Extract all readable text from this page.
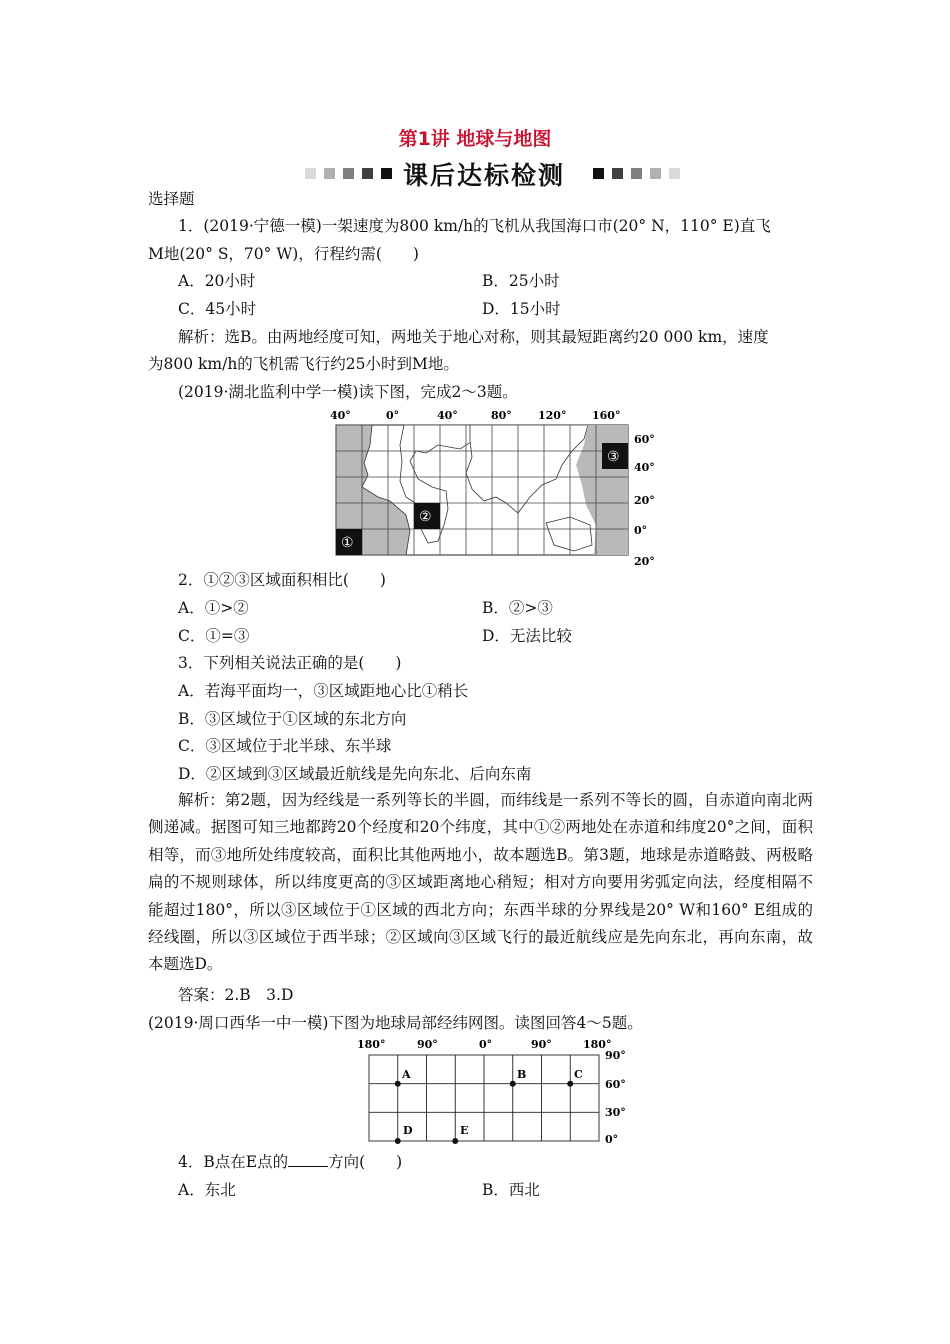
第1讲 地球与地图
课后达标检测
选择题
1．(2019·宁德一模)一架速度为800 km/h的飞机从我国海口市(20° N，110° E)直飞
M地(20° S，70° W)，行程约需(　　)
A．20小时	B．25小时
C．45小时	D．15小时
解析：选B。由两地经度可知，两地关于地心对称，则其最短距离约20 000 km，速度
为800 km/h的飞机需飞行约25小时到M地。
(2019·湖北监利中学一模)读下图，完成2～3题。
40°	0°	40°	80° 120° 160°
①
②
③
60°
40°
20°
0°
20°
2．①②③区域面积相比(　　)
A．①>②	B．②>③
C．①=③	D．无法比较
3．下列相关说法正确的是(　　)
A．若海平面均一，③区域距地心比①稍长
B．③区域位于①区域的东北方向
C．③区域位于北半球、东半球
D．②区域到③区域最近航线是先向东北、后向东南
解析：第2题，因为经线是一系列等长的半圆，而纬线是一系列不等长的圆，自赤道向南北两侧递减。据图可知三地都跨20个经度和20个纬度，其中①②两地处在赤道和纬度20°之间，面积相等，而③地所处纬度较高，面积比其他两地小，故本题选B。第3题，地球是赤道略鼓、两极略扁的不规则球体，所以纬度更高的③区域距离地心稍短；相对方向要用劣弧定向法，经度相隔不能超过180°，所以③区域位于①区域的西北方向；东西半球的分界线是20° W和160° E组成的经线圈，所以③区域位于西半球；②区域向③区域飞行的最近航线应是先向东北，再向东南，故本题选D。
答案：2.B　3.D
(2019·周口西华一中一模)下图为地球局部经纬网图。读图回答4～5题。
180°	90°	0°	90°	180°
A	B	C
D	E
90°
60°
30°
0°
4．B点在E点的	方向(　　)
A．东北	B．西北
